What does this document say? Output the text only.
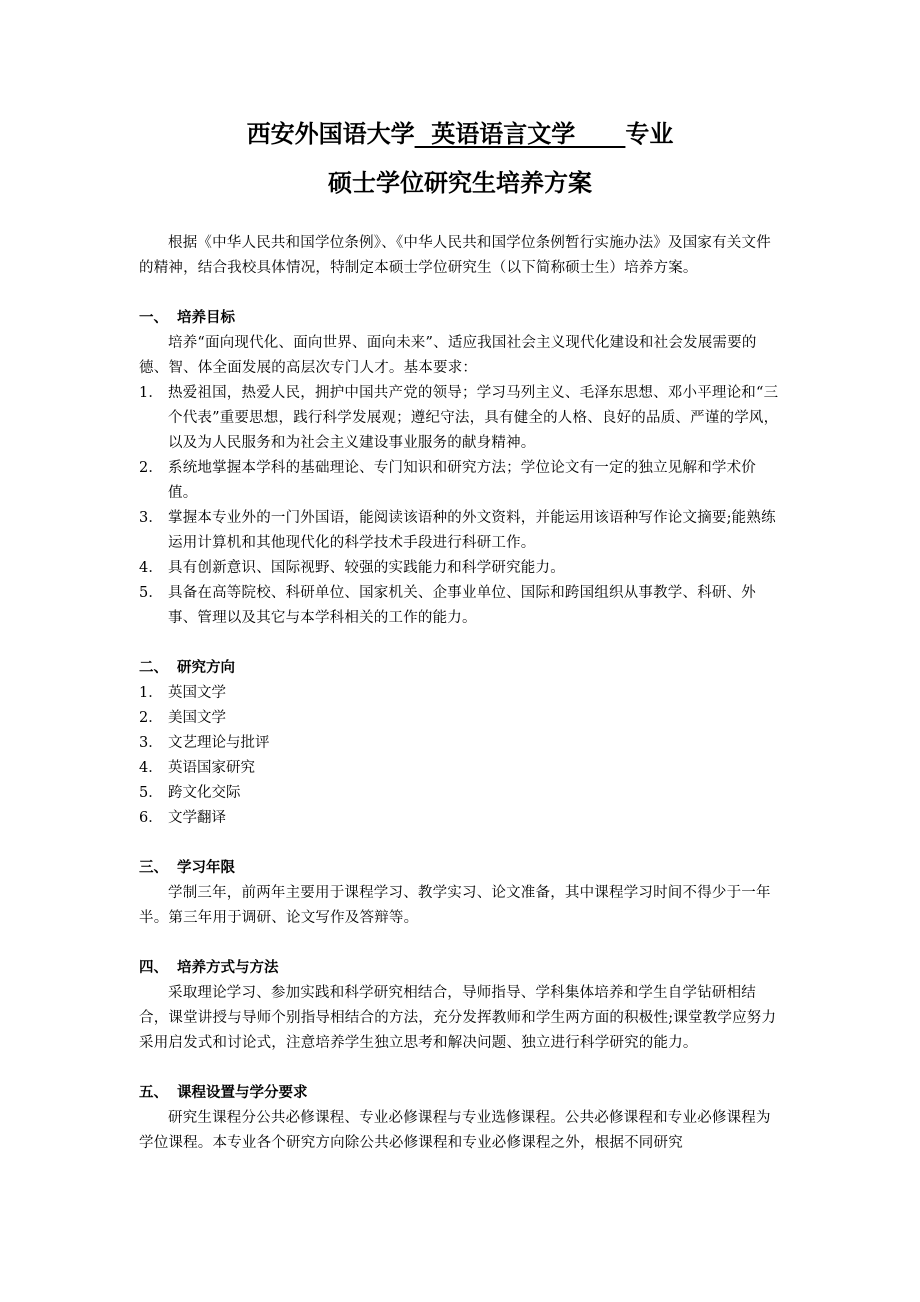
西安外国语大学  英语语言文学      专业
硕士学位研究生培养方案

根据《中华人民共和国学位条例》、《中华人民共和国学位条例暂行实施办法》及国家有关文件的精神，结合我校具体情况，特制定本硕士学位研究生（以下简称硕士生）培养方案。

一、 培养目标

培养“面向现代化、面向世界、面向未来”、适应我国社会主义现代化建设和社会发展需要的德、智、体全面发展的高层次专门人才。基本要求：

1． 热爱祖国，热爱人民，拥护中国共产党的领导；学习马列主义、毛泽东思想、邓小平理论和“三个代表”重要思想，践行科学发展观；遵纪守法，具有健全的人格、良好的品质、严谨的学风，以及为人民服务和为社会主义建设事业服务的献身精神。
2． 系统地掌握本学科的基础理论、专门知识和研究方法；学位论文有一定的独立见解和学术价值。
3． 掌握本专业外的一门外国语，能阅读该语种的外文资料，并能运用该语种写作论文摘要;能熟练运用计算机和其他现代化的科学技术手段进行科研工作。
4． 具有创新意识、国际视野、较强的实践能力和科学研究能力。
5． 具备在高等院校、科研单位、国家机关、企事业单位、国际和跨国组织从事教学、科研、外事、管理以及其它与本学科相关的工作的能力。
二、 研究方向
1． 英国文学
2． 美国文学
3． 文艺理论与批评
4． 英语国家研究
5． 跨文化交际
6． 文学翻译
三、 学习年限

学制三年，前两年主要用于课程学习、教学实习、论文准备，其中课程学习时间不得少于一年半。第三年用于调研、论文写作及答辩等。

四、 培养方式与方法

采取理论学习、参加实践和科学研究相结合，导师指导、学科集体培养和学生自学钻研相结合，课堂讲授与导师个别指导相结合的方法，充分发挥教师和学生两方面的积极性;课堂教学应努力采用启发式和讨论式，注意培养学生独立思考和解决问题、独立进行科学研究的能力。

五、 课程设置与学分要求

研究生课程分公共必修课程、专业必修课程与专业选修课程。公共必修课程和专业必修课程为学位课程。本专业各个研究方向除公共必修课程和专业必修课程之外，根据不同研究
